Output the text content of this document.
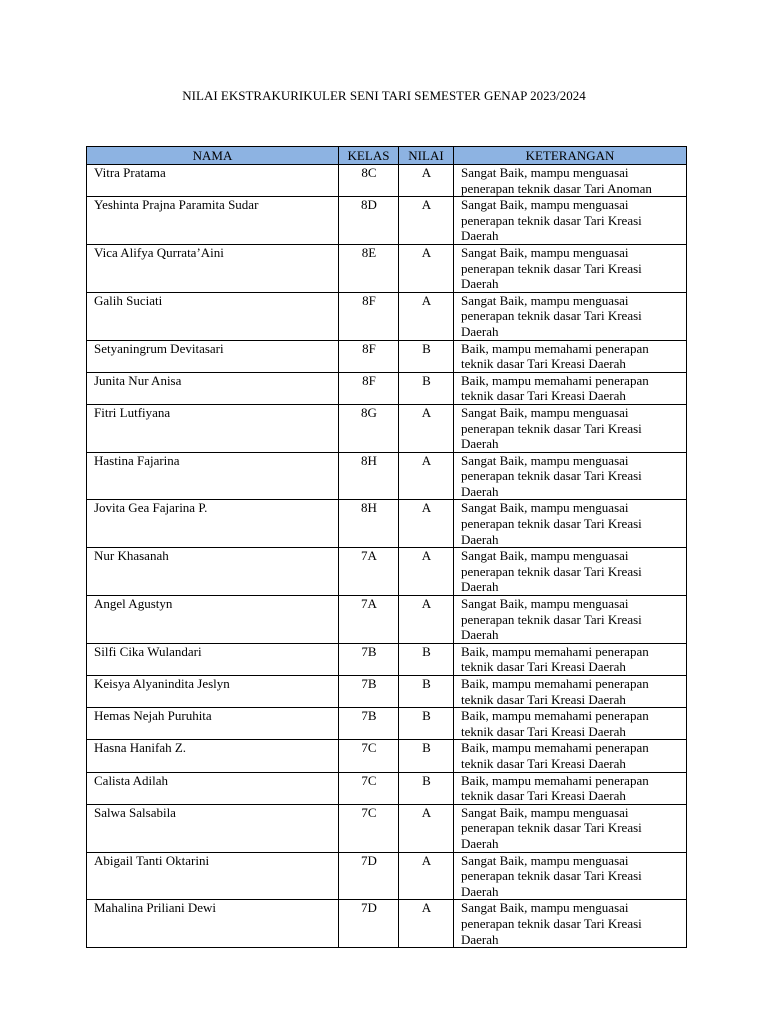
NILAI EKSTRAKURIKULER SENI TARI SEMESTER GENAP 2023/2024
NAMA	KELAS	NILAI	KETERANGAN
Vitra Pratama	8C	A	Sangat Baik, mampu menguasai penerapan teknik dasar Tari Anoman
Yeshinta Prajna Paramita Sudar	8D	A	Sangat Baik, mampu menguasai penerapan teknik dasar Tari Kreasi Daerah
Vica Alifya Qurrata’Aini	8E	A	Sangat Baik, mampu menguasai penerapan teknik dasar Tari Kreasi Daerah
Galih Suciati	8F	A	Sangat Baik, mampu menguasai penerapan teknik dasar Tari Kreasi Daerah
Setyaningrum Devitasari	8F	B	Baik, mampu memahami penerapan teknik dasar Tari Kreasi Daerah
Junita Nur Anisa	8F	B	Baik, mampu memahami penerapan teknik dasar Tari Kreasi Daerah
Fitri Lutfiyana	8G	A	Sangat Baik, mampu menguasai penerapan teknik dasar Tari Kreasi Daerah
Hastina Fajarina	8H	A	Sangat Baik, mampu menguasai penerapan teknik dasar Tari Kreasi Daerah
Jovita Gea Fajarina P.	8H	A	Sangat Baik, mampu menguasai penerapan teknik dasar Tari Kreasi Daerah
Nur Khasanah	7A	A	Sangat Baik, mampu menguasai penerapan teknik dasar Tari Kreasi Daerah
Angel Agustyn	7A	A	Sangat Baik, mampu menguasai penerapan teknik dasar Tari Kreasi Daerah
Silfi Cika Wulandari	7B	B	Baik, mampu memahami penerapan teknik dasar Tari Kreasi Daerah
Keisya Alyanindita Jeslyn	7B	B	Baik, mampu memahami penerapan teknik dasar Tari Kreasi Daerah
Hemas Nejah Puruhita	7B	B	Baik, mampu memahami penerapan teknik dasar Tari Kreasi Daerah
Hasna Hanifah Z.	7C	B	Baik, mampu memahami penerapan teknik dasar Tari Kreasi Daerah
Calista Adilah	7C	B	Baik, mampu memahami penerapan teknik dasar Tari Kreasi Daerah
Salwa Salsabila	7C	A	Sangat Baik, mampu menguasai penerapan teknik dasar Tari Kreasi Daerah
Abigail Tanti Oktarini	7D	A	Sangat Baik, mampu menguasai penerapan teknik dasar Tari Kreasi Daerah
Mahalina Priliani Dewi	7D	A	Sangat Baik, mampu menguasai penerapan teknik dasar Tari Kreasi Daerah
